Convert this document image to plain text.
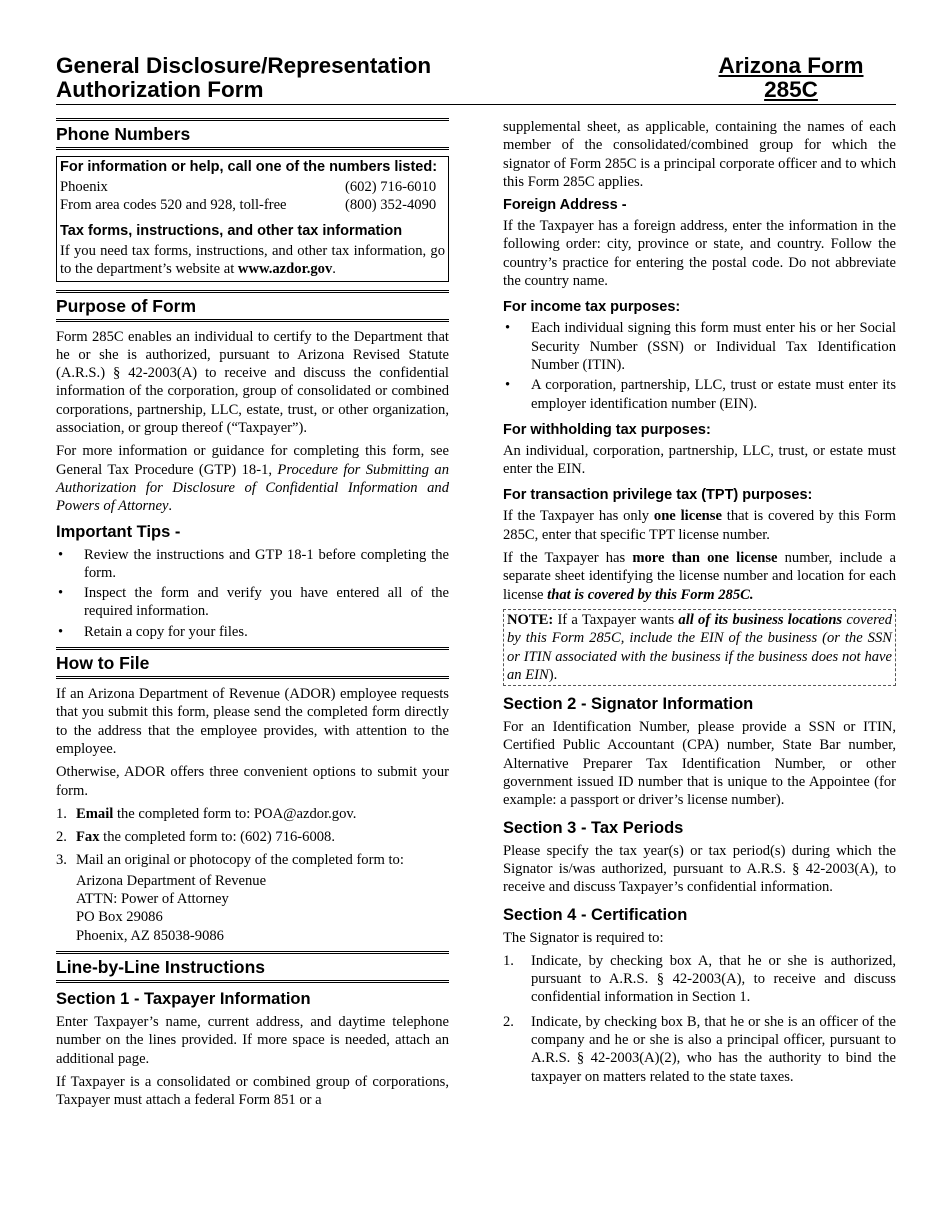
General Disclosure/Representation
Authorization Form
Arizona Form
285C
Phone Numbers
For information or help, call one of the numbers listed:
Phoenix	(602) 716-6010
From area codes 520 and 928, toll-free	(800) 352-4090
Tax forms, instructions, and other tax information

If you need tax forms, instructions, and other tax information, go to the department’s website at www.azdor.gov.

Purpose of Form

Form 285C enables an individual to certify to the Department that he or she is authorized, pursuant to Arizona Revised Statute (A.R.S.) § 42-2003(A) to receive and discuss the confidential information of the corporation, group of consolidated or combined corporations, partnership, LLC, estate, trust, or other organization, association, or group thereof (“Taxpayer”).

For more information or guidance for completing this form, see General Tax Procedure (GTP) 18-1, Procedure for Submitting an Authorization for Disclosure of Confidential Information and Powers of Attorney.

Important Tips -
• Review the instructions and GTP 18-1 before completing the form.
• Inspect the form and verify you have entered all of the required information.
• Retain a copy for your files.
How to File

If an Arizona Department of Revenue (ADOR) employee requests that you submit this form, please send the completed form directly to the address that the employee provides, with attention to the employee.

Otherwise, ADOR offers three convenient options to submit your form.

1. Email the completed form to: POA@azdor.gov.
2. Fax the completed form to: (602) 716-6008.
3. Mail an original or photocopy of the completed form to:
Arizona Department of Revenue
ATTN: Power of Attorney
PO Box 29086
Phoenix, AZ 85038-9086
Line-by-Line Instructions
Section 1 - Taxpayer Information

Enter Taxpayer’s name, current address, and daytime telephone number on the lines provided. If more space is needed, attach an additional page.

If Taxpayer is a consolidated or combined group of corporations, Taxpayer must attach a federal Form 851 or a

supplemental sheet, as applicable, containing the names of each member of the consolidated/combined group for which the signator of Form 285C is a principal corporate officer and to which this Form 285C applies.

Foreign Address -

If the Taxpayer has a foreign address, enter the information in the following order: city, province or state, and country. Follow the country’s practice for entering the postal code. Do not abbreviate the country name.

For income tax purposes:
• Each individual signing this form must enter his or her Social Security Number (SSN) or Individual Tax Identification Number (ITIN).
• A corporation, partnership, LLC, trust or estate must enter its employer identification number (EIN).
For withholding tax purposes:

An individual, corporation, partnership, LLC, trust, or estate must enter the EIN.

For transaction privilege tax (TPT) purposes:

If the Taxpayer has only one license that is covered by this Form 285C, enter that specific TPT license number.

If the Taxpayer has more than one license number, include a separate sheet identifying the license number and location for each license that is covered by this Form 285C.

NOTE: If a Taxpayer wants all of its business locations covered by this Form 285C, include the EIN of the business (or the SSN or ITIN associated with the business if the business does not have an EIN).
Section 2 - Signator Information

For an Identification Number, please provide a SSN or ITIN, Certified Public Accountant (CPA) number, State Bar number, Alternative Preparer Tax Identification Number, or other government issued ID number that is unique to the Appointee (for example: a passport or driver’s license number).

Section 3 - Tax Periods

Please specify the tax year(s) or tax period(s) during which the Signator is/was authorized, pursuant to A.R.S. § 42-2003(A), to receive and discuss Taxpayer’s confidential information.

Section 4 - Certification

The Signator is required to:

1. Indicate, by checking box A, that he or she is authorized, pursuant to A.R.S. § 42-2003(A), to receive and discuss confidential information in Section 1.
2. Indicate, by checking box B, that he or she is an officer of the company and he or she is also a principal officer, pursuant to A.R.S. § 42-2003(A)(2), who has the authority to bind the taxpayer on matters related to the state taxes.
